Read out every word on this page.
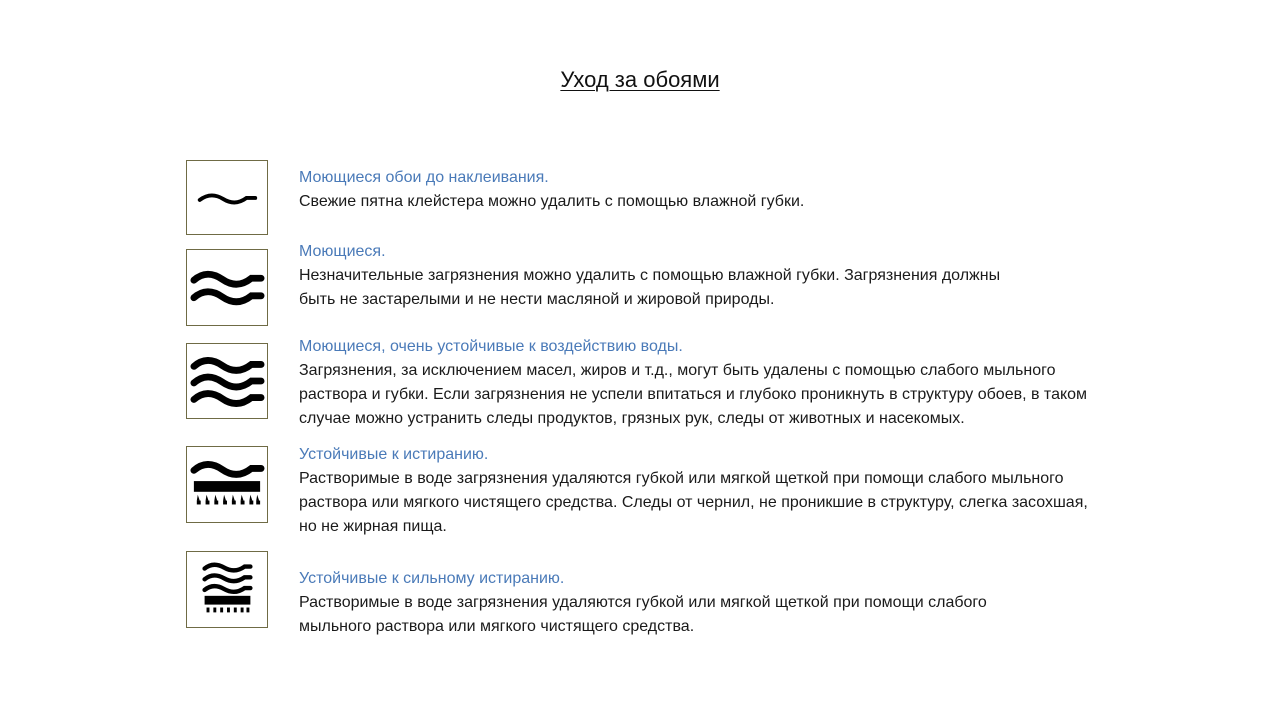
Уход за обоями
Моющиеся обои до наклеивания.
Свежие пятна клейстера можно удалить с помощью влажной губки.
Моющиеся.
Незначительные загрязнения можно удалить с помощью влажной губки. Загрязнения должны
быть не застарелыми и не нести масляной и жировой природы.
Моющиеся, очень устойчивые к воздействию воды.
Загрязнения, за исключением масел, жиров и т.д., могут быть удалены с помощью слабого мыльного
раствора и губки. Если загрязнения не успели впитаться и глубоко проникнуть в структуру обоев, в таком
случае можно устранить следы продуктов, грязных рук, следы от животных и насекомых.
Устойчивые к истиранию.
Растворимые в воде загрязнения удаляются губкой или мягкой щеткой при помощи слабого мыльного
раствора или мягкого чистящего средства. Следы от чернил, не проникшие в структуру, слегка засохшая,
но не жирная пища.
Устойчивые к сильному истиранию.
Растворимые в воде загрязнения удаляются губкой или мягкой щеткой при помощи слабого
мыльного раствора или мягкого чистящего средства.
